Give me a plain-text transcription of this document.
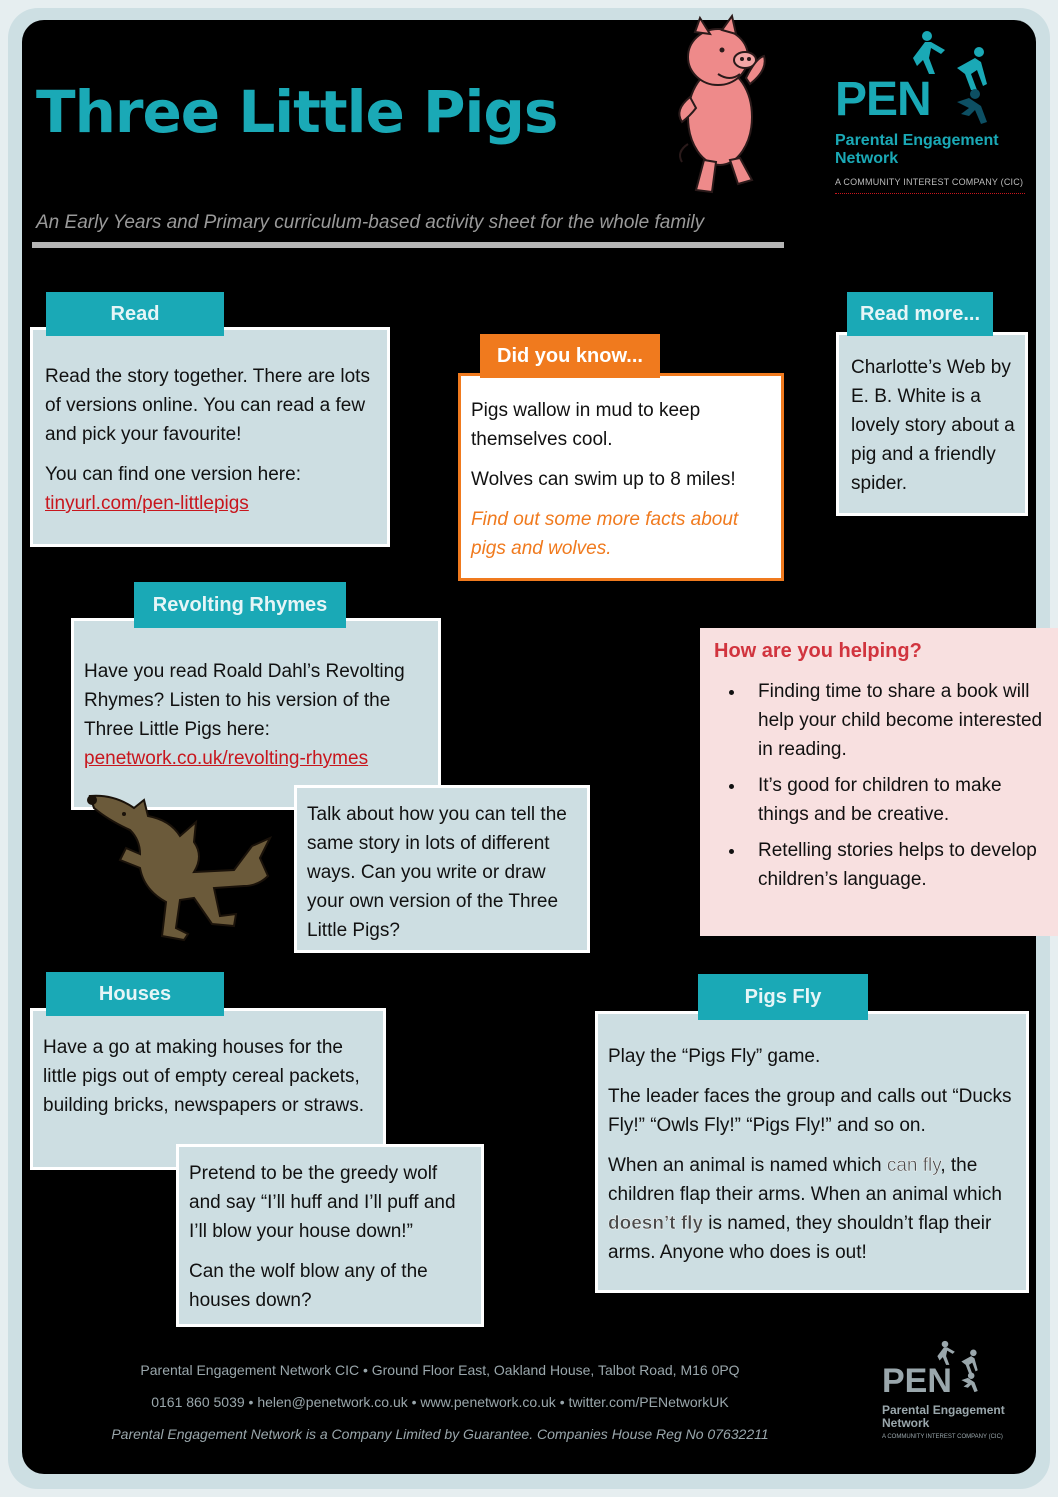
Three Little Pigs
An Early Years and Primary curriculum-based activity sheet for the whole family
PEN
Parental Engagement
Network
A COMMUNITY INTEREST COMPANY (CIC)

Read the story together. There are lots of versions online. You can read a few and pick your favourite!

You can find one version here:

tinyurl.com/pen-littlepigs
Read

Pigs wallow in mud to keep themselves cool.

Wolves can swim up to 8 miles!

Find out some more facts about pigs and wolves.

Did you know...

Charlotte’s Web by E. B. White is a lovely story about a pig and a friendly spider.

Read more...

Have you read Roald Dahl’s Revolting Rhymes? Listen to his version of the Three Little Pigs here:

penetwork.co.uk/revolting-rhymes
Revolting Rhymes

Talk about how you can tell the same story in lots of different ways. Can you write or draw your own version of the Three Little Pigs?

How are you helping?
• Finding time to share a book will help your child become interested in reading.
• It’s good for children to make things and be creative.
• Retelling stories helps to develop children’s language.

Have a go at making houses for the little pigs out of empty cereal packets, building bricks, newspapers or straws.

Houses

Pretend to be the greedy wolf and say “I’ll huff and I’ll puff and I’ll blow your house down!”

Can the wolf blow any of the houses down?

Play the “Pigs Fly” game.

The leader faces the group and calls out “Ducks Fly!” “Owls Fly!” “Pigs Fly!” and so on.

When an animal is named which can fly, the children flap their arms. When an animal which doesn’t fly is named, they shouldn’t flap their arms. Anyone who does is out!

Pigs Fly
Parental Engagement Network CIC • Ground Floor East, Oakland House, Talbot Road, M16 0PQ
0161 860 5039 • helen@penetwork.co.uk • www.penetwork.co.uk • twitter.com/PENetworkUK
Parental Engagement Network is a Company Limited by Guarantee. Companies House Reg No 07632211
PEN
Parental Engagement
Network
A COMMUNITY INTEREST COMPANY (CIC)
